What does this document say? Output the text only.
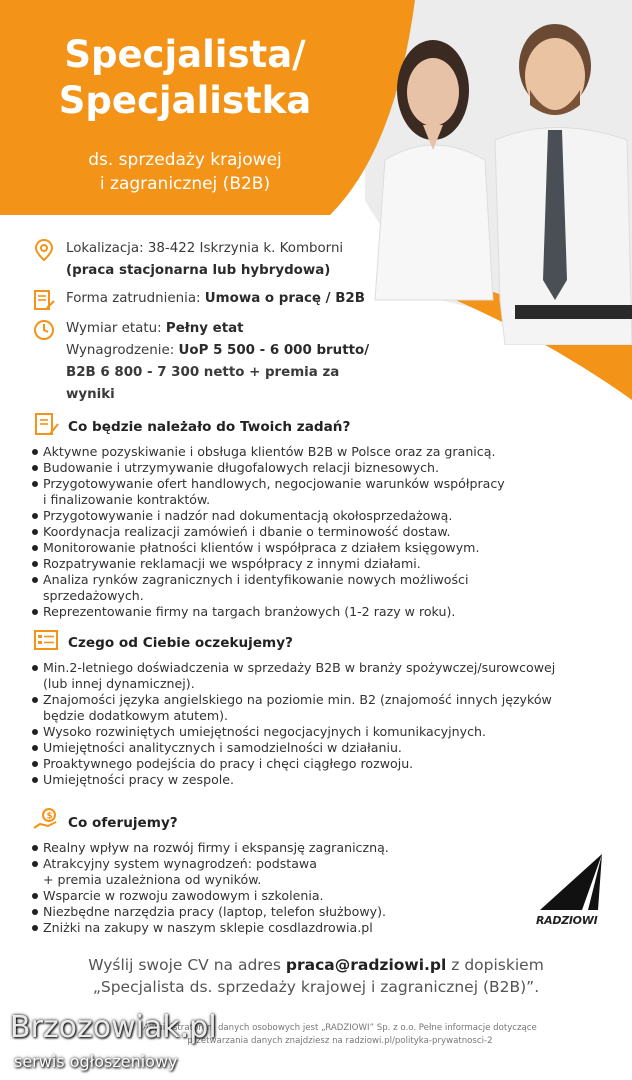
Specjalista/
Specjalistka
ds. sprzedaży krajowej
i zagranicznej (B2B)
Lokalizacja: 38-422 Iskrzynia k. Komborni
(praca stacjonarna lub hybrydowa)
Forma zatrudnienia: Umowa o pracę / B2B
Wymiar etatu: Pełny etat
Wynagrodzenie: UoP 5 500 - 6 000 brutto/
B2B 6 800 - 7 300 netto + premia za wyniki
Co będzie należało do Twoich zadań?
Aktywne pozyskiwanie i obsługa klientów B2B w Polsce oraz za granicą.
Budowanie i utrzymywanie długofalowych relacji biznesowych.
Przygotowywanie ofert handlowych, negocjowanie warunków współpracy
i finalizowanie kontraktów.
Przygotowywanie i nadzór nad dokumentacją okołosprzedażową.
Koordynacja realizacji zamówień i dbanie o terminowość dostaw.
Monitorowanie płatności klientów i współpraca z działem księgowym.
Rozpatrywanie reklamacji we współpracy z innymi działami.
Analiza rynków zagranicznych i identyfikowanie nowych możliwości
sprzedażowych.
Reprezentowanie firmy na targach branżowych (1-2 razy w roku).
Czego od Ciebie oczekujemy?
Min.2-letniego doświadczenia w sprzedaży B2B w branży spożywczej/surowcowej
(lub innej dynamicznej).
Znajomości języka angielskiego na poziomie min. B2 (znajomość innych języków
będzie dodatkowym atutem).
Wysoko rozwiniętych umiejętności negocjacyjnych i komunikacyjnych.
Umiejętności analitycznych i samodzielności w działaniu.
Proaktywnego podejścia do pracy i chęci ciągłego rozwoju.
Umiejętności pracy w zespole.
$ Co oferujemy?
Realny wpływ na rozwój firmy i ekspansję zagraniczną.
Atrakcyjny system wynagrodzeń: podstawa
+ premia uzależniona od wyników.
Wsparcie w rozwoju zawodowym i szkolenia.
Niezbędne narzędzia pracy (laptop, telefon służbowy).
Zniżki na zakupy w naszym sklepie cosdlazdrowia.pl	RADZIOWI
Wyślij swoje CV na adres praca@radziowi.pl z dopiskiem
„Specjalista ds. sprzedaży krajowej i zagranicznej (B2B)”.
Administratorem danych osobowych jest „RADZIOWI” Sp. z o.o. Pełne informacje dotyczące
przetwarzania danych znajdziesz na radziowi.pl/polityka-prywatnosci-2
Brzozowiak.pl
serwis ogłoszeniowy
